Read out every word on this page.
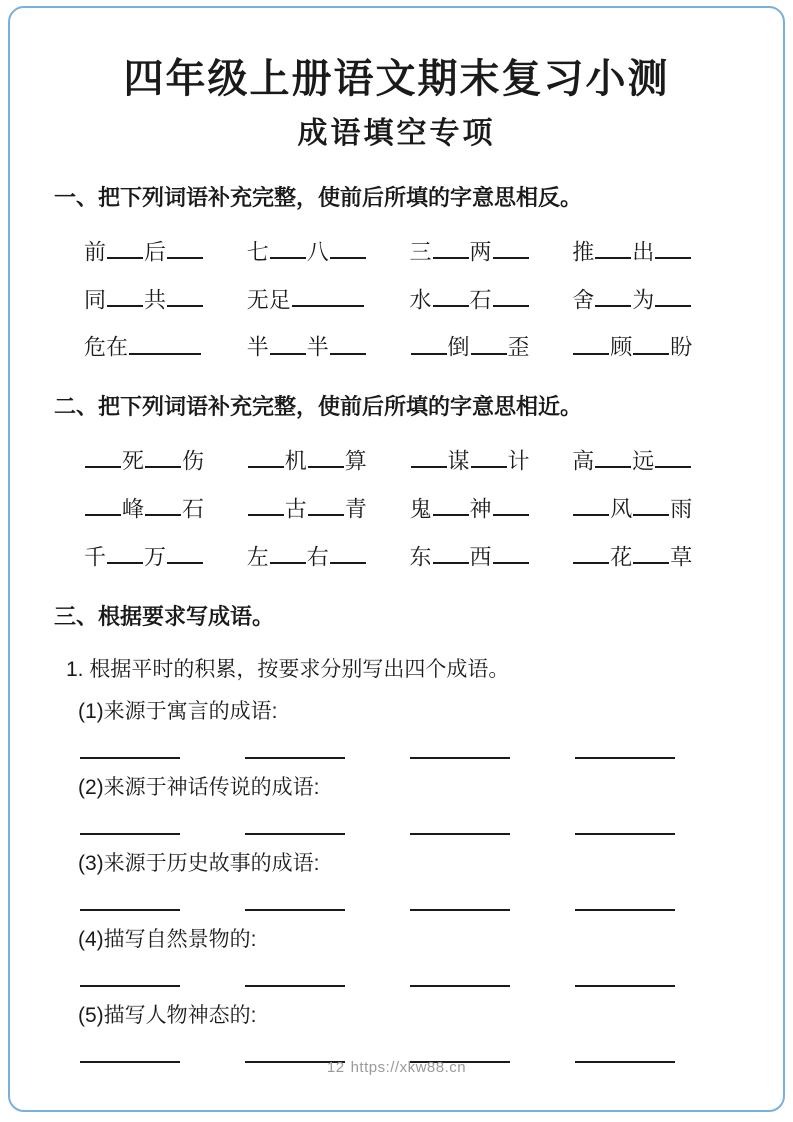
四年级上册语文期末复习小测
成语填空专项
一、把下列词语补充完整，使前后所填的字意思相反。
前 后	七 八	三 两	推 出
同 共	无足	水 石	舍 为
危在	半 半	倒 歪	顾 盼
二、把下列词语补充完整，使前后所填的字意思相近。
死 伤	机 算	谋 计	高 远
峰 石	古 青	鬼 神	风 雨
千 万	左 右	东 西	花 草
三、根据要求写成语。
1. 根据平时的积累，按要求分别写出四个成语。
(1)来源于寓言的成语:
(2)来源于神话传说的成语:
(3)来源于历史故事的成语:
(4)描写自然景物的:
(5)描写人物神态的:
12 https://xkw88.cn
